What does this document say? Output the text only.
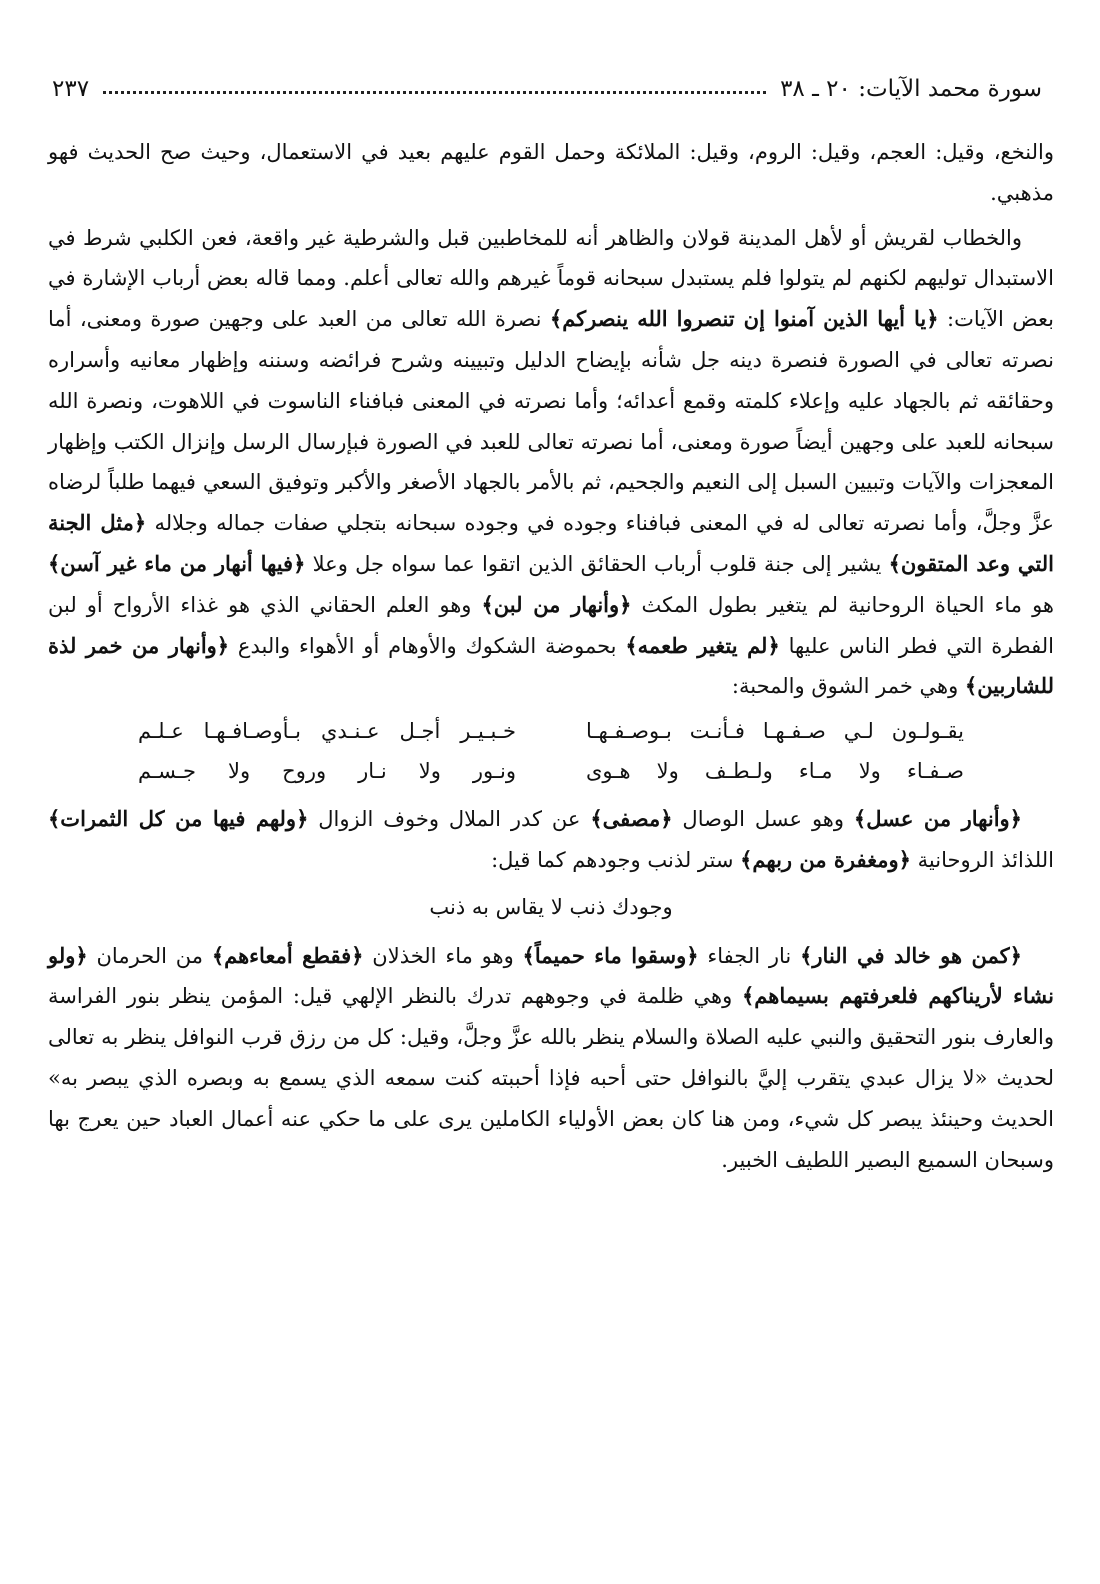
سورة محمد الآيات: ٢٠ ـ ٣٨
٢٣٧

والنخع، وقيل: العجم، وقيل: الروم، وقيل: الملائكة وحمل القوم عليهم بعيد في الاستعمال، وحيث صح الحديث فهو مذهبي.

والخطاب لقريش أو لأهل المدينة قولان والظاهر أنه للمخاطبين قبل والشرطية غير واقعة، فعن الكلبي شرط في الاستبدال توليهم لكنهم لم يتولوا فلم يستبدل سبحانه قوماً غيرهم والله تعالى أعلم. ومما قاله بعض أرباب الإشارة في بعض الآيات: ﴿يا أيها الذين آمنوا إن تنصروا الله ينصركم﴾ نصرة الله تعالى من العبد على وجهين صورة ومعنى، أما نصرته تعالى في الصورة فنصرة دينه جل شأنه بإيضاح الدليل وتبيينه وشرح فرائضه وسننه وإظهار معانيه وأسراره وحقائقه ثم بالجهاد عليه وإعلاء كلمته وقمع أعدائه؛ وأما نصرته في المعنى فبافناء الناسوت في اللاهوت، ونصرة الله سبحانه للعبد على وجهين أيضاً صورة ومعنى، أما نصرته تعالى للعبد في الصورة فبإرسال الرسل وإنزال الكتب وإظهار المعجزات والآيات وتبيين السبل إلى النعيم والجحيم، ثم بالأمر بالجهاد الأصغر والأكبر وتوفيق السعي فيهما طلباً لرضاه عزَّ وجلَّ، وأما نصرته تعالى له في المعنى فبافناء وجوده في وجوده سبحانه بتجلي صفات جماله وجلاله ﴿مثل الجنة التي وعد المتقون﴾ يشير إلى جنة قلوب أرباب الحقائق الذين اتقوا عما سواه جل وعلا ﴿فيها أنهار من ماء غير آسن﴾ هو ماء الحياة الروحانية لم يتغير بطول المكث ﴿وأنهار من لبن﴾ وهو العلم الحقاني الذي هو غذاء الأرواح أو لبن الفطرة التي فطر الناس عليها ﴿لم يتغير طعمه﴾ بحموضة الشكوك والأوهام أو الأهواء والبدع ﴿وأنهار من خمر لذة للشاربين﴾ وهي خمر الشوق والمحبة:

يقـولـون لـي صـفـهـا فـأنـت بـوصـفـهـا
خـبـيـر أجـل عـنـدي بـأوصـافـهـا عـلـم
صـفـاء ولا مـاء ولـطـف ولا هـوى
ونـور ولا نـار وروح ولا جـسـم

﴿وأنهار من عسل﴾ وهو عسل الوصال ﴿مصفى﴾ عن كدر الملال وخوف الزوال ﴿ولهم فيها من كل الثمرات﴾ اللذائذ الروحانية ﴿ومغفرة من ربهم﴾ ستر لذنب وجودهم كما قيل:

وجودك ذنب لا يقاس به ذنب

﴿كمن هو خالد في النار﴾ نار الجفاء ﴿وسقوا ماء حميماً﴾ وهو ماء الخذلان ﴿فقطع أمعاءهم﴾ من الحرمان ﴿ولو نشاء لأريناكهم فلعرفتهم بسيماهم﴾ وهي ظلمة في وجوههم تدرك بالنظر الإلهي قيل: المؤمن ينظر بنور الفراسة والعارف بنور التحقيق والنبي عليه الصلاة والسلام ينظر بالله عزَّ وجلَّ، وقيل: كل من رزق قرب النوافل ينظر به تعالى لحديث «لا يزال عبدي يتقرب إليَّ بالنوافل حتى أحبه فإذا أحببته كنت سمعه الذي يسمع به وبصره الذي يبصر به» الحديث وحينئذ يبصر كل شيء، ومن هنا كان بعض الأولياء الكاملين يرى على ما حكي عنه أعمال العباد حين يعرج بها وسبحان السميع البصير اللطيف الخبير.
